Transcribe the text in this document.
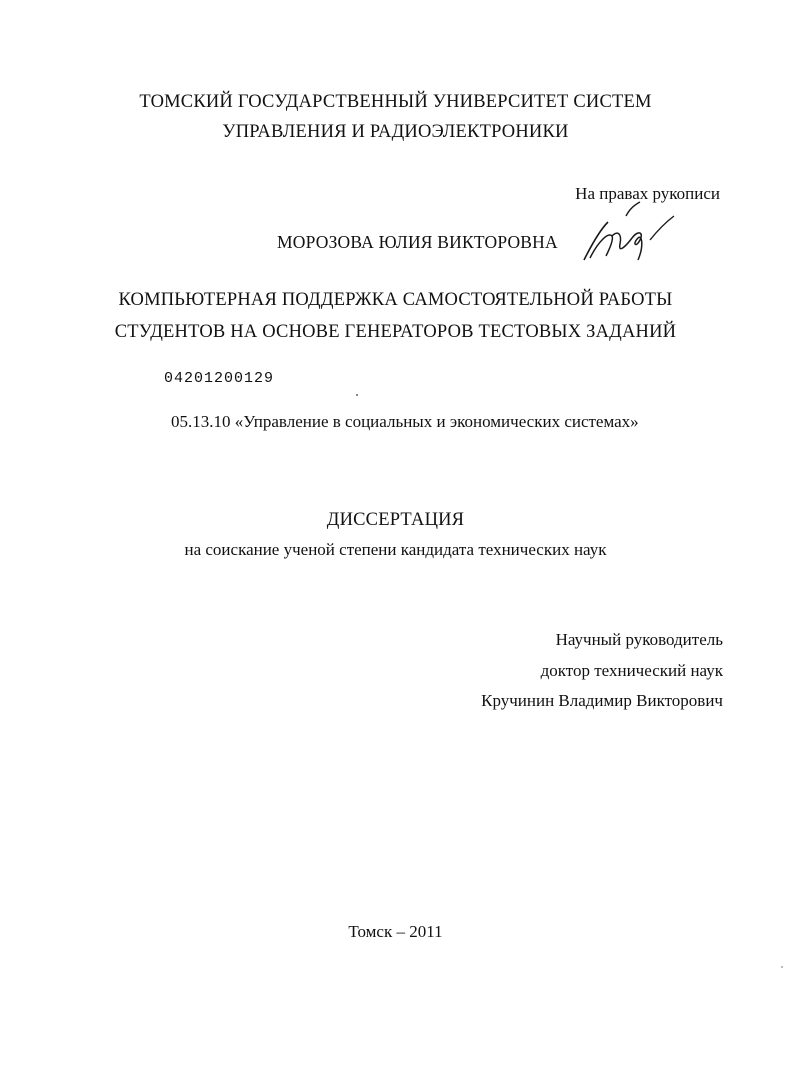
ТОМСКИЙ ГОСУДАРСТВЕННЫЙ УНИВЕРСИТЕТ СИСТЕМ
УПРАВЛЕНИЯ И РАДИОЭЛЕКТРОНИКИ
На правах рукописи
МОРОЗОВА ЮЛИЯ ВИКТОРОВНА
КОМПЬЮТЕРНАЯ ПОДДЕРЖКА САМОСТОЯТЕЛЬНОЙ РАБОТЫ
СТУДЕНТОВ НА ОСНОВЕ ГЕНЕРАТОРОВ ТЕСТОВЫХ ЗАДАНИЙ
04201200129
05.13.10 «Управление в социальных и экономических системах»
ДИССЕРТАЦИЯ
на соискание ученой степени кандидата технических наук
Научный руководитель
доктор технический наук
Кручинин Владимир Викторович
Томск – 2011
